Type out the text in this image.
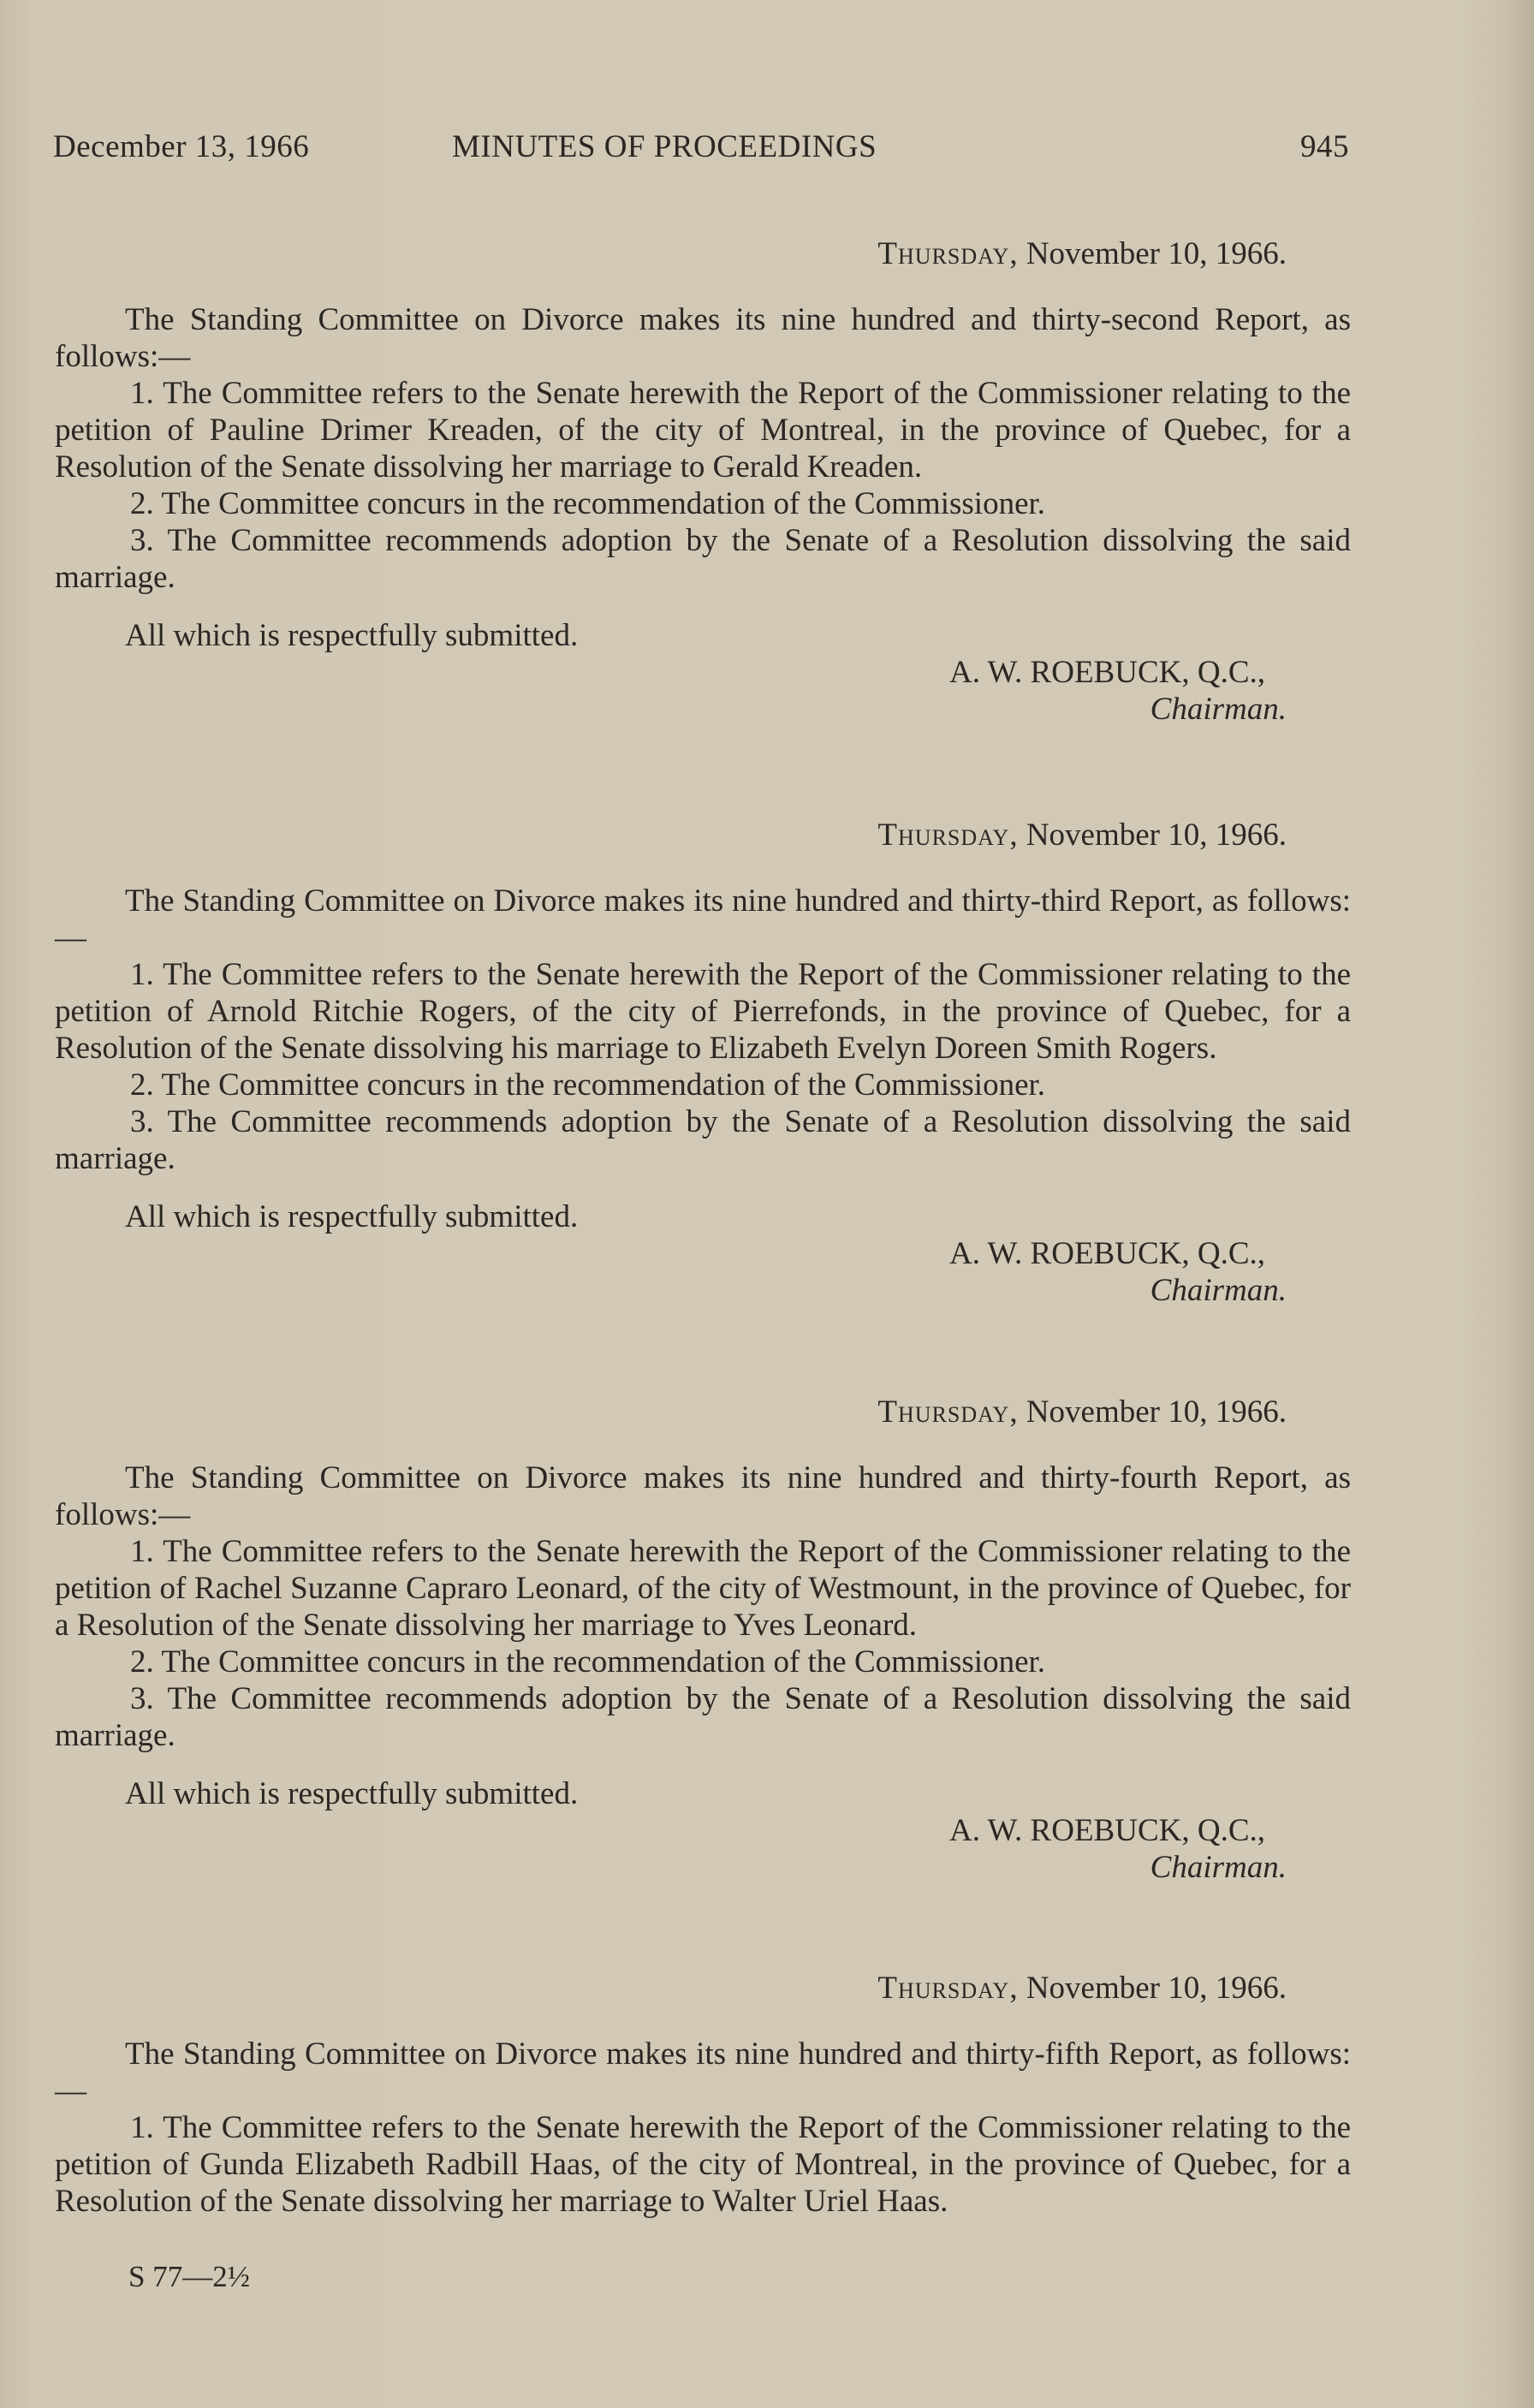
December 13, 1966	MINUTES OF PROCEEDINGS	945
Thursday, November 10, 1966.

The Standing Committee on Divorce makes its nine hundred and thirty-second Report, as follows:—

1. The Committee refers to the Senate herewith the Report of the Commissioner relating to the petition of Pauline Drimer Kreaden, of the city of Montreal, in the province of Quebec, for a Resolution of the Senate dissolving her marriage to Gerald Kreaden.

2. The Committee concurs in the recommendation of the Commissioner.

3. The Committee recommends adoption by the Senate of a Resolution dissolving the said marriage.

All which is respectfully submitted.
A. W. ROEBUCK, Q.C.,
Chairman.
Thursday, November 10, 1966.

The Standing Committee on Divorce makes its nine hundred and thirty-third Report, as follows:—

1. The Committee refers to the Senate herewith the Report of the Commissioner relating to the petition of Arnold Ritchie Rogers, of the city of Pierrefonds, in the province of Quebec, for a Resolution of the Senate dissolving his marriage to Elizabeth Evelyn Doreen Smith Rogers.

2. The Committee concurs in the recommendation of the Commissioner.

3. The Committee recommends adoption by the Senate of a Resolution dissolving the said marriage.

All which is respectfully submitted.
A. W. ROEBUCK, Q.C.,
Chairman.
Thursday, November 10, 1966.

The Standing Committee on Divorce makes its nine hundred and thirty-fourth Report, as follows:—

1. The Committee refers to the Senate herewith the Report of the Commissioner relating to the petition of Rachel Suzanne Capraro Leonard, of the city of Westmount, in the province of Quebec, for a Resolution of the Senate dissolving her marriage to Yves Leonard.

2. The Committee concurs in the recommendation of the Commissioner.

3. The Committee recommends adoption by the Senate of a Resolution dissolving the said marriage.

All which is respectfully submitted.
A. W. ROEBUCK, Q.C.,
Chairman.
Thursday, November 10, 1966.

The Standing Committee on Divorce makes its nine hundred and thirty-fifth Report, as follows:—

1. The Committee refers to the Senate herewith the Report of the Commissioner relating to the petition of Gunda Elizabeth Radbill Haas, of the city of Montreal, in the province of Quebec, for a Resolution of the Senate dissolving her marriage to Walter Uriel Haas.

S 77—2½
